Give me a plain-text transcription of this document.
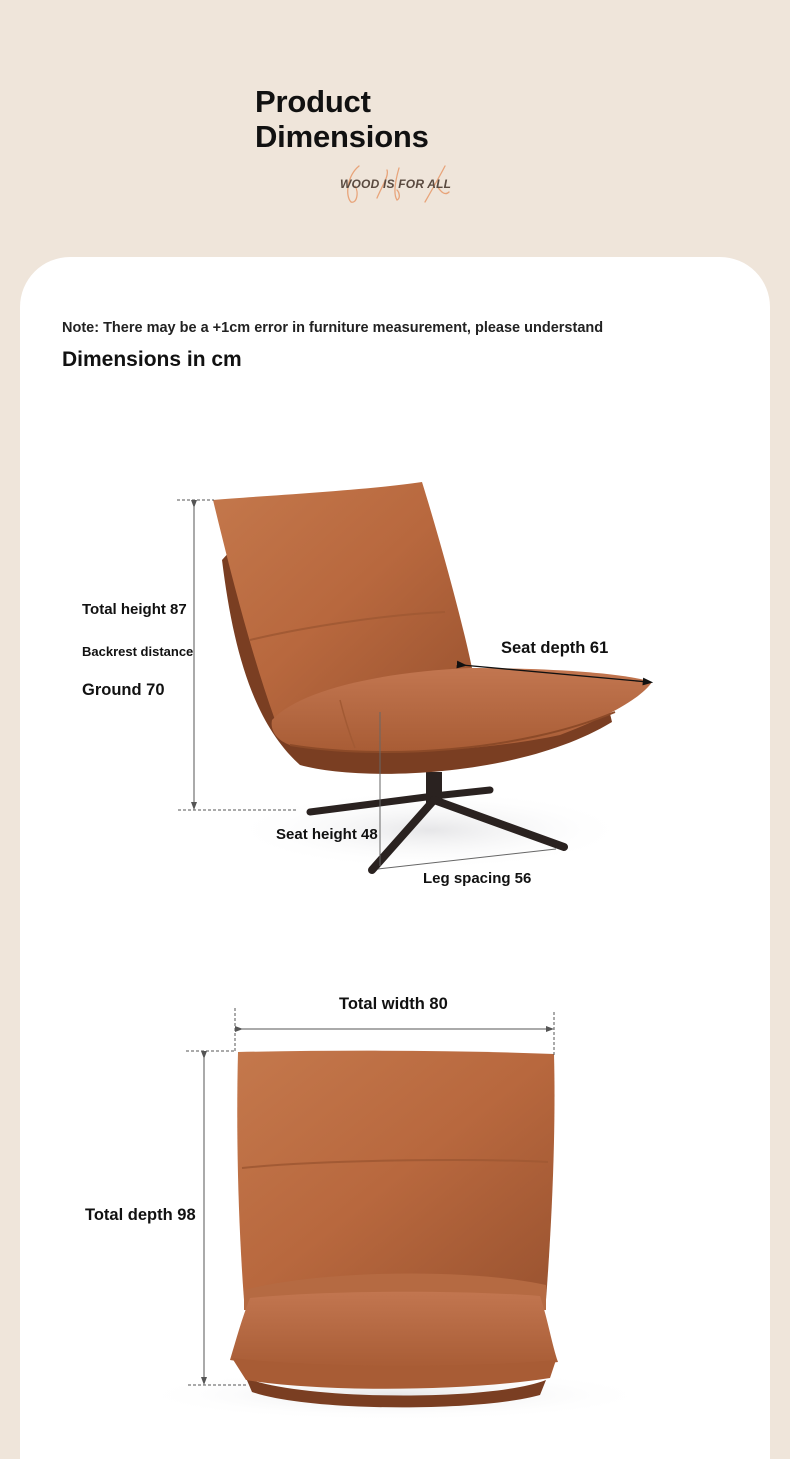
Product
Dimensions
WOOD IS FOR ALL
Note: There may be a +1cm error in furniture measurement, please understand
Dimensions in cm
Total height 87
Backrest distance
Ground 70
Seat depth 61
Seat height 48
Leg spacing 56
Total width 80
Total depth 98
